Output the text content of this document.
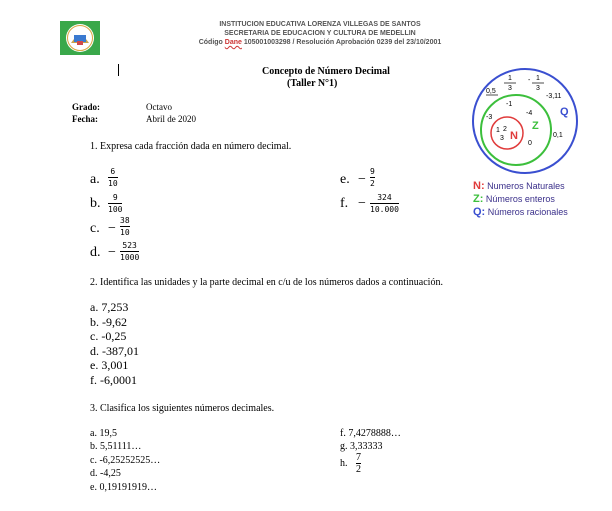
INSTITUCION EDUCATIVA LORENZA VILLEGAS DE SANTOS
SECRETARIA DE EDUCACION Y CULTURA DE MEDELLIN
Código Dane 105001003298 / Resolución Aprobación 0239 del 23/10/2001
Concepto de Número Decimal
(Taller N°1)
Grado:	Octavo
Fecha:	Abril de 2020
1. Expresa cada fracción dada en número decimal.
a.
6
10
b. 9
100
c. −
38
10
d. − 523
1000
e. −
9
2
f. − 324
10.000
2. Identifica las unidades y la parte decimal en c/u de los números dados a continuación.
a. 7,253
b. -9,62
c. -0,25
d. -387,01
e. 3,001
f. -6,0001
3. Clasifica los siguientes números decimales.
a. 19,5
b. 5,51111…
c. -6,25252525…
d. -4,25
e. 0,19191919…
f. 7,4278888…
g. 3,33333
h.
7
2
0,5
1
3
- 1
3
-3,11
Q
0,1
-1
-3
-4
Z
1 2
3 N
0
N: Numeros Naturales
Z: Números enteros
Q: Números racionales
